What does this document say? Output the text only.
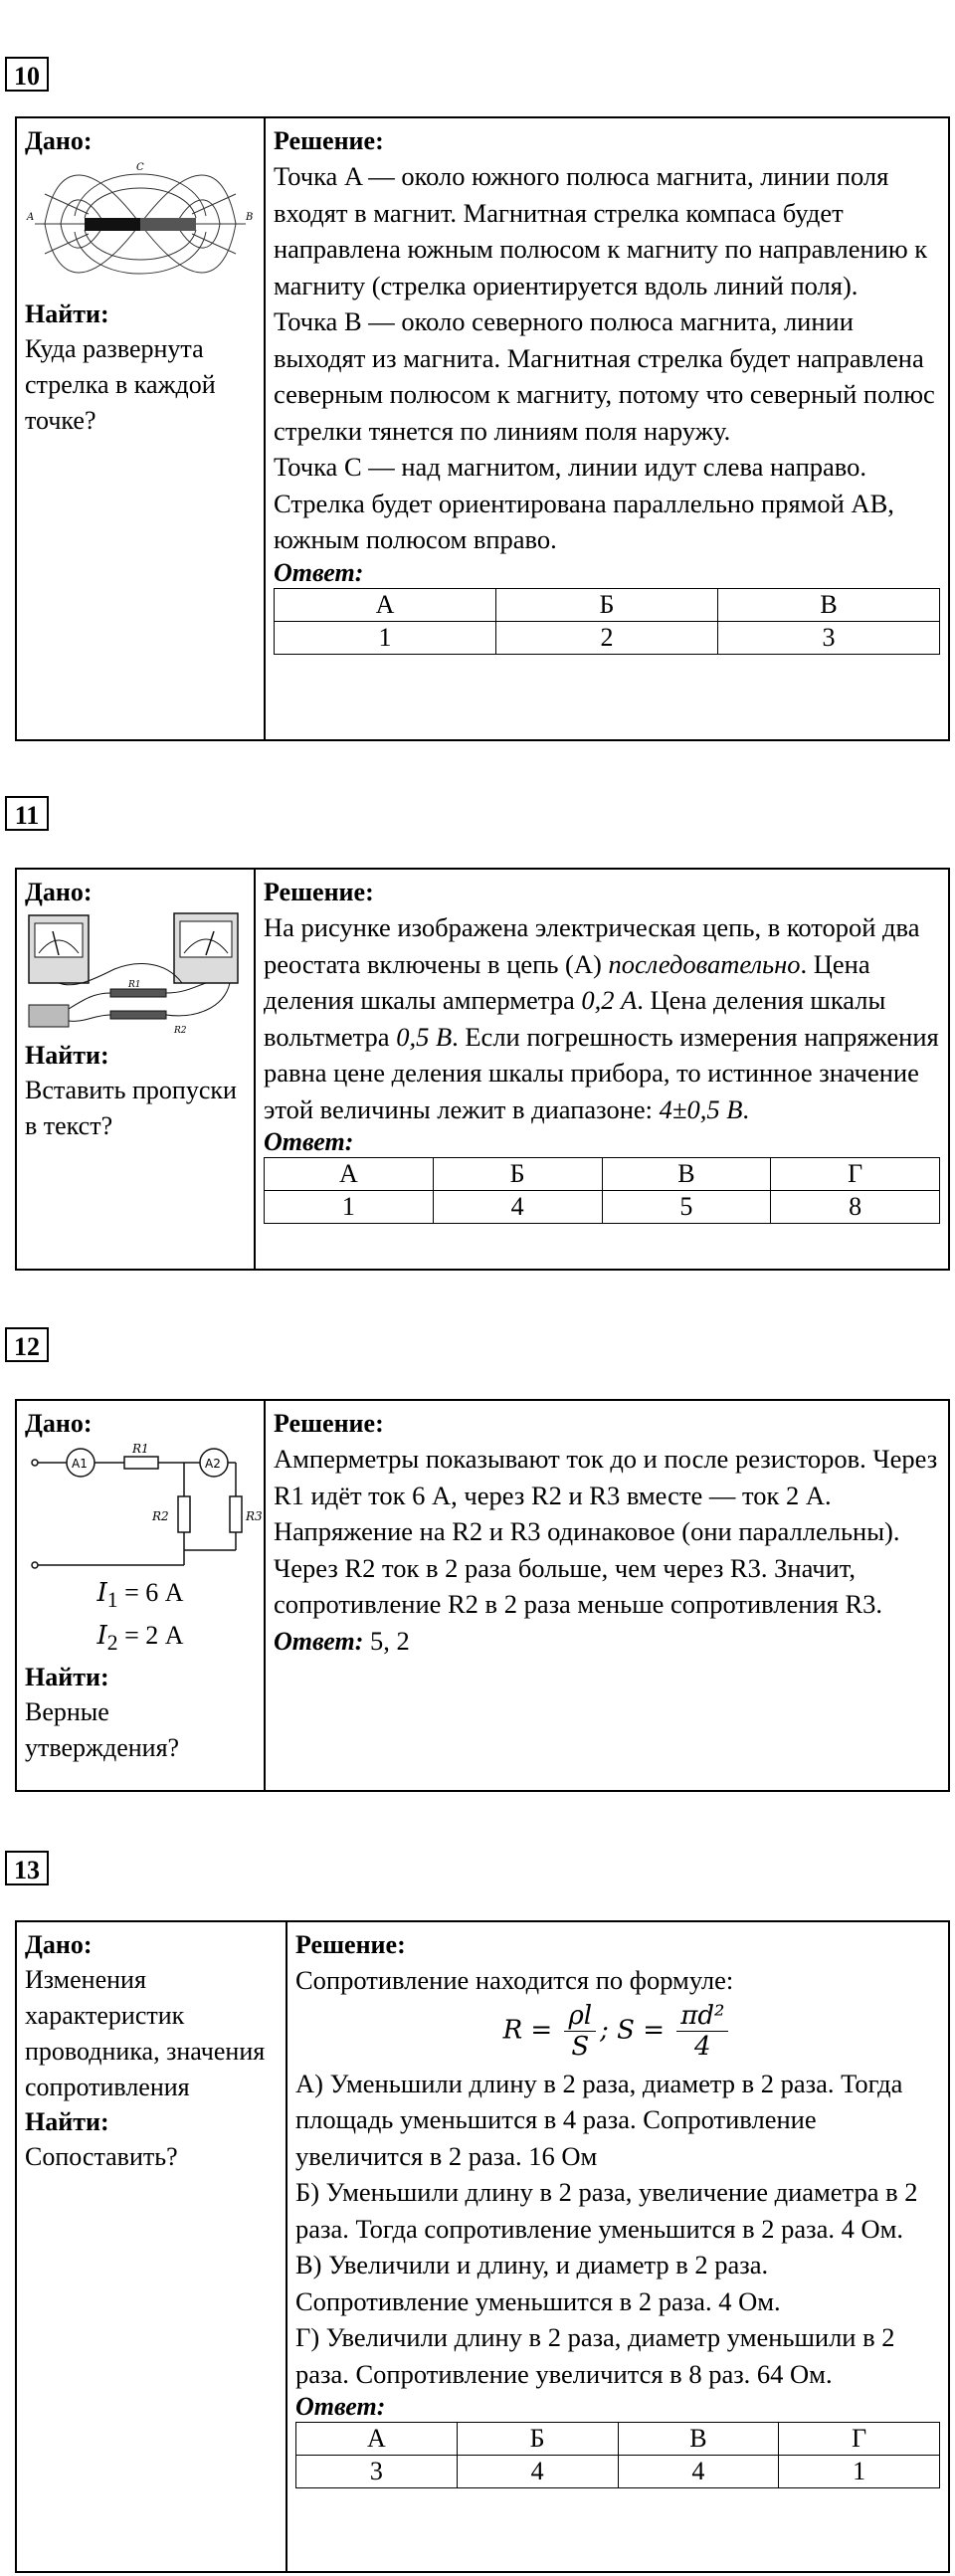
10
Дано:
A	B
C
Найти:
Куда развернута стрелка в каждой точке?

Решение:
Точка A — около южного полюса магнита, линии поля входят в магнит. Магнитная стрелка компаса будет направлена южным полюсом к магниту по направлению к магниту (стрелка ориентируется вдоль линий поля).
Точка B — около северного полюса магнита, линии выходят из магнита. Магнитная стрелка будет направлена северным полюсом к магниту, потому что северный полюс стрелки тянется по линиям поля наружу.
Точка C — над магнитом, линии идут слева направо. Стрелка будет ориентирована параллельно прямой AB, южным полюсом вправо.
Ответ:
А	Б	В
1	2	3
11
Дано:
R1
R2
Найти:
Вставить пропуски в текст?

Решение:
На рисунке изображена электрическая цепь, в которой два реостата включены в цепь (А) последовательно. Цена деления шкалы амперметра 0,2 А. Цена деления шкалы вольтметра 0,5 В. Если погрешность измерения напряжения равна цене деления шкалы прибора, то истинное значение этой величины лежит в диапазоне: 4±0,5 В.
Ответ:
А	Б	В	Г
1	4	5	8
12
Дано:
A1	A2
R1
R2	R3
$I_1 = 6$ А
$I_2 = 2$ А
Найти:
Верные утверждения?

Решение:
Амперметры показывают ток до и после резисторов. Через R1 идёт ток 6 А, через R2 и R3 вместе — ток 2 А.
Напряжение на R2 и R3 одинаковое (они параллельны). Через R2 ток в 2 раза больше, чем через R3. Значит, сопротивление R2 в 2 раза меньше сопротивления R3.
Ответ: 5, 2
13
Дано:
Изменения характеристик проводника, значения сопротивления
Найти:
Сопоставить?

Решение:
Сопротивление находится по формуле:
$R = \frac{\rho l}{S}$ ; $S = \frac{\text{πd²}}{4}$
А) Уменьшили длину в 2 раза, диаметр в 2 раза. Тогда площадь уменьшится в 4 раза. Сопротивление увеличится в 2 раза. 16 Ом
Б) Уменьшили длину в 2 раза, увеличение диаметра в 2 раза. Тогда сопротивление уменьшится в 2 раза. 4 Ом.
В) Увеличили и длину, и диаметр в 2 раза. Сопротивление уменьшится в 2 раза. 4 Ом.
Г) Увеличили длину в 2 раза, диаметр уменьшили в 2 раза. Сопротивление увеличится в 8 раз. 64 Ом.
Ответ:
А	Б	В	Г
3	4	4	1
